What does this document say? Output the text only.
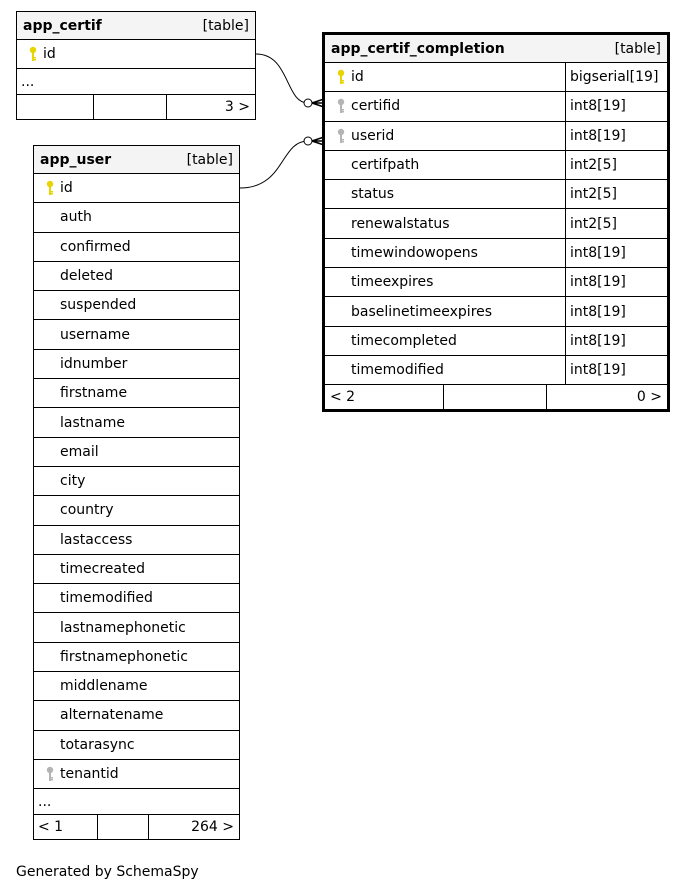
app_certif	[table]
id
...
3 >
app_user	[table]
id
auth
confirmed
deleted
suspended
username
idnumber
firstname
lastname
email
city
country
lastaccess
timecreated
timemodified
lastnamephonetic
firstnamephonetic
middlename
alternatename
totarasync
tenantid
...
< 1	264 >
app_certif_completion	[table]
id	bigserial[19]
certifid	int8[19]
userid	int8[19]
certifpath	int2[5]
status	int2[5]
renewalstatus	int2[5]
timewindowopens	int8[19]
timeexpires	int8[19]
baselinetimeexpires	int8[19]
timecompleted	int8[19]
timemodified	int8[19]
< 2	0 >
Generated by SchemaSpy
